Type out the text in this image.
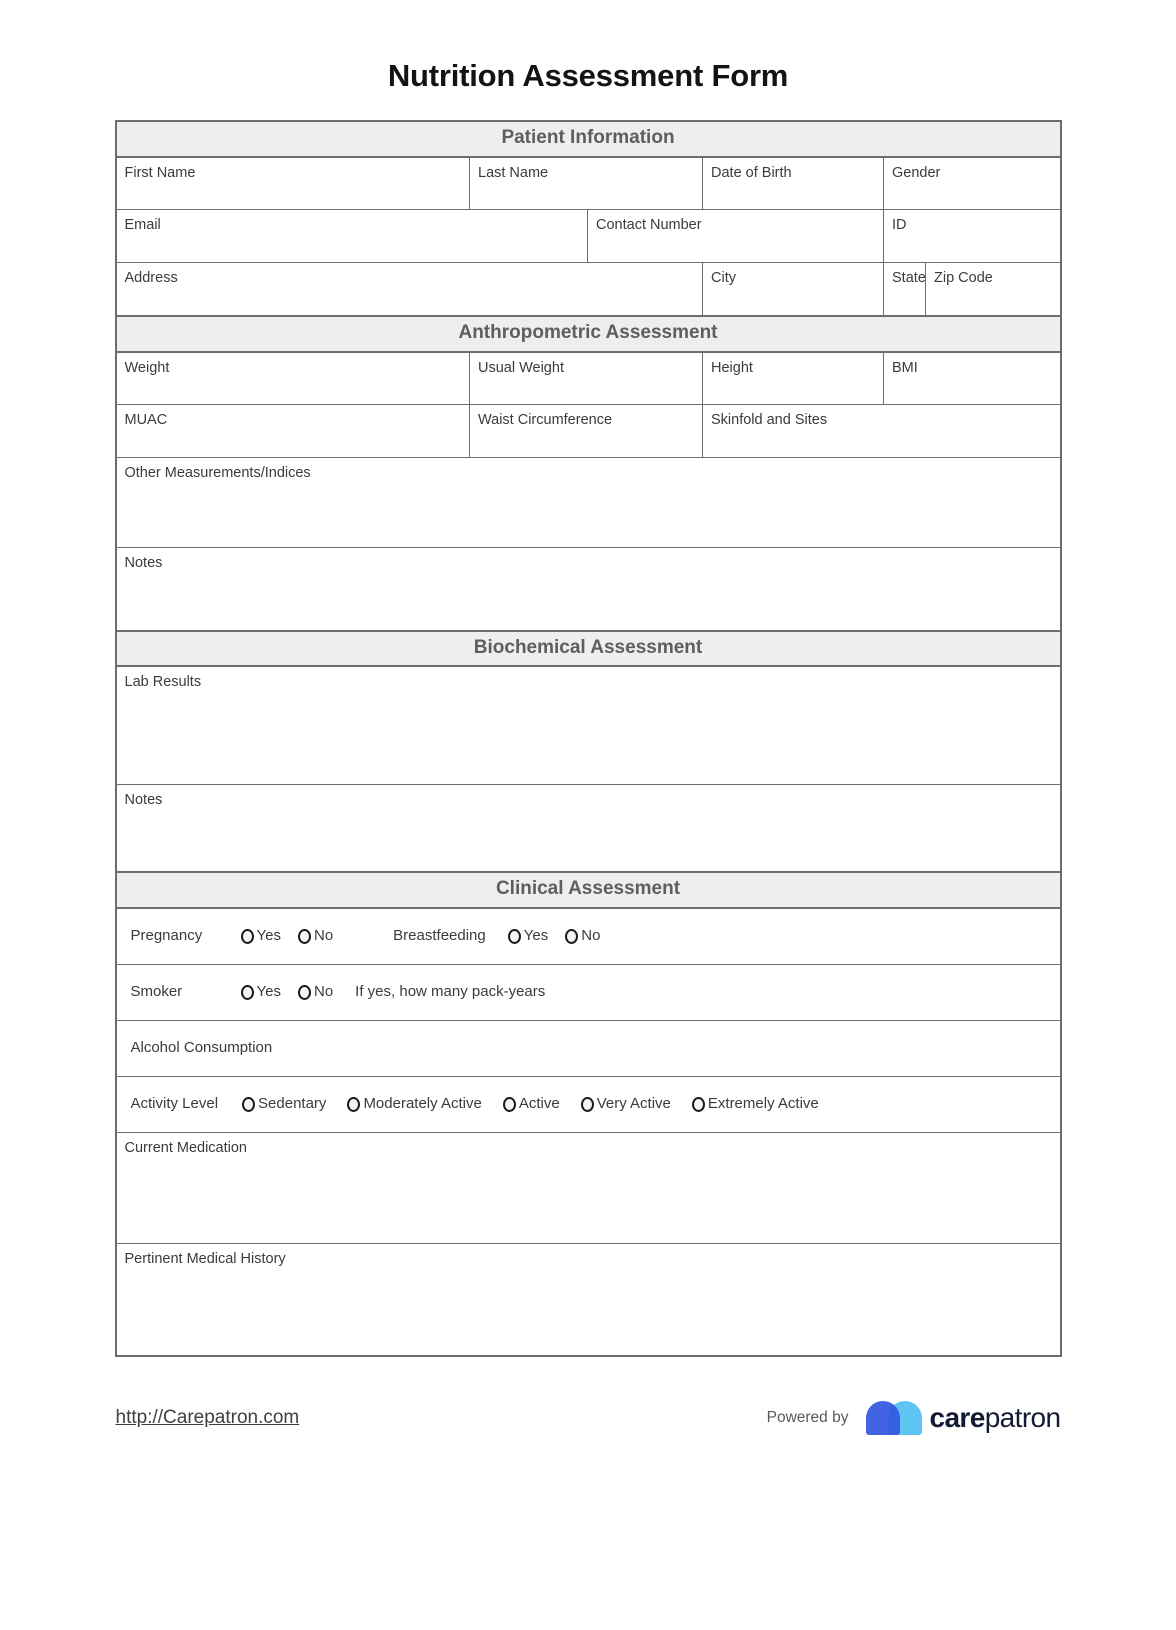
Nutrition Assessment Form
Patient Information					

First Name	Last Name		Date of Birth	Gender	

Email		Contact Number		ID	

Address			City	State	Zip Code

Anthropometric Assessment					

Weight	Usual Weight		Height	BMI	

MUAC	Waist Circumference		Skinfold and Sites		

Other Measurements/Indices					

Notes					

Biochemical Assessment					

Lab Results					

Notes					

Clinical Assessment					

Pregnancy	Yes No	Breastfeeding	Yes No

Smoker Yes No If yes, how many pack-years					

Alcohol Consumption					

Activity Level	Sedentary Moderately Active Active Very Active Extremely Active

Current Medication					

Pertinent Medical History					
http://Carepatron.com	Powered by	carepatron
